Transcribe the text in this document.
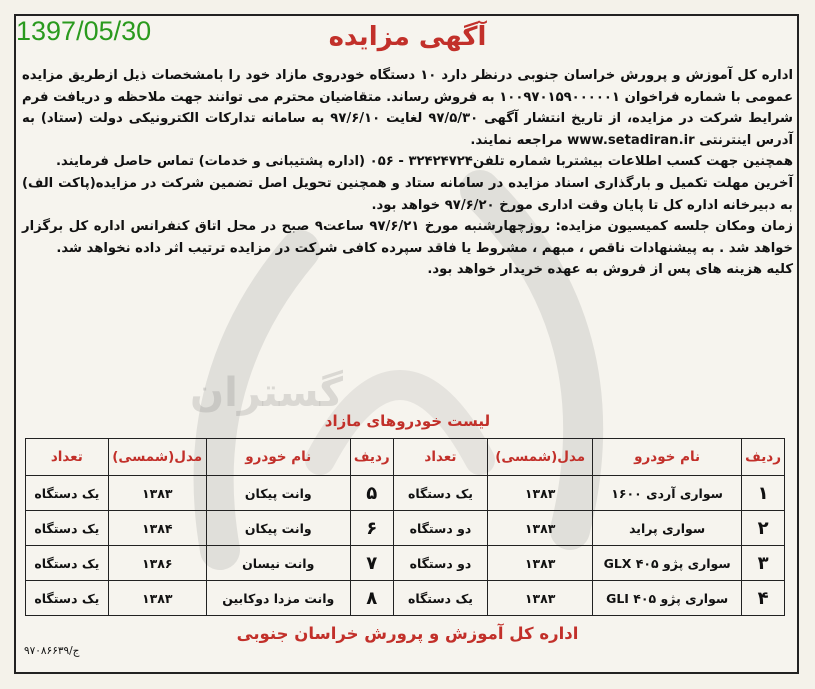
1397/05/30
گستران
آگهی مزایده

اداره کل آموزش و پرورش خراسان جنوبی درنظر دارد ۱۰ دستگاه خودروی مازاد خود را بامشخصات ذیل ازطریق مزایده عمومی با شماره فراخوان ۱۰۰۹۷۰۱۵۹۰۰۰۰۰۱ به فروش رساند. متقاضیان محترم می توانند جهت ملاحظه و دریافت فرم شرایط شرکت در مزایده، از تاریخ انتشار آگهی ۹۷/۵/۳۰ لغایت ۹۷/۶/۱۰ به سامانه تدارکات الکترونیکی دولت (ستاد) به آدرس اینترنتی www.setadiran.ir مراجعه نمایند.

همچنین جهت کسب اطلاعات بیشتربا شماره تلفن۳۲۴۲۴۷۲۴ - ۰۵۶ (اداره پشتیبانی و خدمات) تماس حاصل فرمایند.

آخرین مهلت تکمیل و بارگذاری اسناد مزایده در سامانه ستاد و همچنین تحویل اصل تضمین شرکت در مزایده(پاکت الف) به دبیرخانه اداره کل تا پایان وقت اداری مورخ ۹۷/۶/۲۰ خواهد بود.

زمان ومکان جلسه کمیسیون مزایده: روزچهارشنبه مورخ ۹۷/۶/۲۱ ساعت۹ صبح در محل اتاق کنفرانس اداره کل برگزار خواهد شد . به پیشنهادات ناقص ، مبهم ، مشروط یا فاقد سپرده کافی شرکت در مزایده ترتیب اثر داده نخواهد شد.

کلیه هزینه های پس از فروش به عهده خریدار خواهد بود.

لیست خودروهای مازاد
ردیف	نام خودرو	مدل(شمسی)	تعداد	ردیف	نام خودرو	مدل(شمسی)	تعداد
۱	سواری آردی ۱۶۰۰	۱۳۸۳	یک دستگاه	۵	وانت پیکان	۱۳۸۳	یک دستگاه
۲	سواری پراید	۱۳۸۳	دو دستگاه	۶	وانت پیکان	۱۳۸۴	یک دستگاه
۳	سواری پژو GLX ۴۰۵	۱۳۸۳	دو دستگاه	۷	وانت نیسان	۱۳۸۶	یک دستگاه
۴	سواری پژو GLI ۴۰۵	۱۳۸۳	یک دستگاه	۸	وانت مزدا دوکابین	۱۳۸۳	یک دستگاه
اداره کل آموزش و پرورش خراسان جنوبی
ج/۹۷۰۸۶۶۳۹
